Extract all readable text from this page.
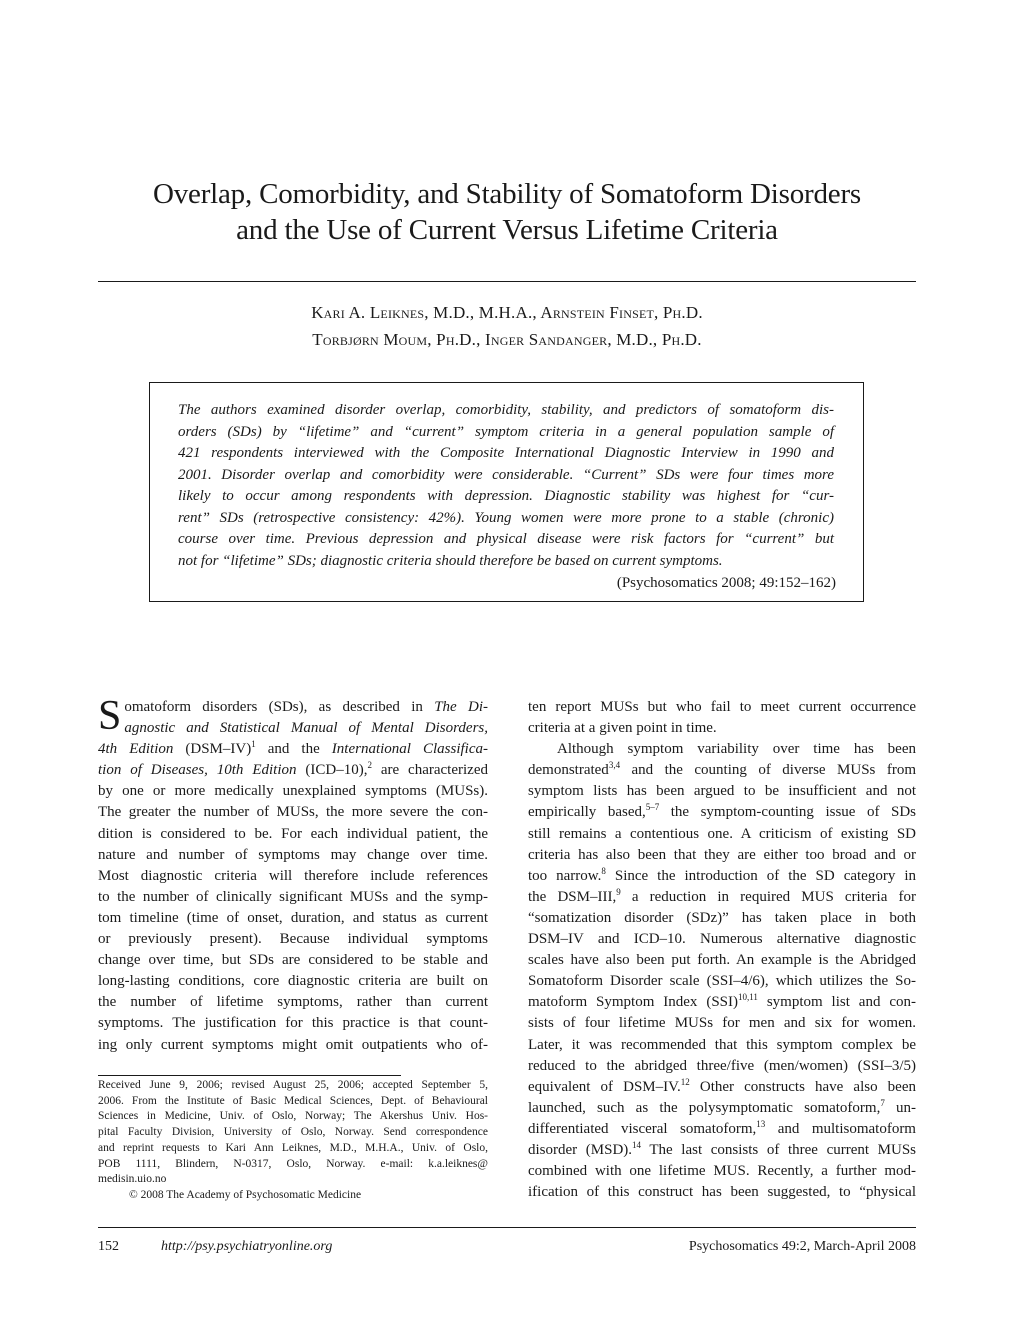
Overlap, Comorbidity, and Stability of Somatoform Disorders
and the Use of Current Versus Lifetime Criteria
Kari A. Leiknes, M.D., M.H.A., Arnstein Finset, Ph.D.
Torbjørn Moum, Ph.D., Inger Sandanger, M.D., Ph.D.
The authors examined disorder overlap, comorbidity, stability, and predictors of somatoform dis-
orders (SDs) by “lifetime” and “current” symptom criteria in a general population sample of
421 respondents interviewed with the Composite International Diagnostic Interview in 1990 and
2001. Disorder overlap and comorbidity were considerable. “Current” SDs were four times more
likely to occur among respondents with depression. Diagnostic stability was highest for “cur-
rent” SDs (retrospective consistency: 42%). Young women were more prone to a stable (chronic)
course over time. Previous depression and physical disease were risk factors for “current” but
not for “lifetime” SDs; diagnostic criteria should therefore be based on current symptoms.
(Psychosomatics 2008; 49:152–162)
S omatoform disorders (SDs), as described in The Di-
agnostic and Statistical Manual of Mental Disorders,
4th Edition $(DSM-IV)^1$ and the International Classifica-
tion of Diseases, 10th Edition (ICD–10),$^2$ are characterized
by one or more medically unexplained symptoms (MUSs).
The greater the number of MUSs, the more severe the con-
dition is considered to be. For each individual patient, the
nature and number of symptoms may change over time.
Most diagnostic criteria will therefore include references
to the number of clinically significant MUSs and the symp-
tom timeline (time of onset, duration, and status as current
or previously present). Because individual symptoms
change over time, but SDs are considered to be stable and
long-lasting conditions, core diagnostic criteria are built on
the number of lifetime symptoms, rather than current
symptoms. The justification for this practice is that count-
ing only current symptoms might omit outpatients who of-
Received June 9, 2006; revised August 25, 2006; accepted September 5,
2006. From the Institute of Basic Medical Sciences, Dept. of Behavioural
Sciences in Medicine, Univ. of Oslo, Norway; The Akershus Univ. Hos-
pital Faculty Division, University of Oslo, Norway. Send correspondence
and reprint requests to Kari Ann Leiknes, M.D., M.H.A., Univ. of Oslo,
POB 1111, Blindern, N-0317, Oslo, Norway. e-mail: k.a.leiknes@
medisin.uio.no
© 2008 The Academy of Psychosomatic Medicine
ten report MUSs but who fail to meet current occurrence
criteria at a given point in time.
Although symptom variability over time has been
demonstrated$^{3,4}$ and the counting of diverse MUSs from
symptom lists has been argued to be insufficient and not
empirically based,$^{5-7}$ the symptom-counting issue of SDs
still remains a contentious one. A criticism of existing SD
criteria has also been that they are either too broad and or
too narrow.$^8$ Since the introduction of the SD category in
the DSM–III,$^9$ a reduction in required MUS criteria for
“somatization disorder (SDz)” has taken place in both
DSM–IV and ICD–10. Numerous alternative diagnostic
scales have also been put forth. An example is the Abridged
Somatoform Disorder scale (SSI–4/6), which utilizes the So-
matoform Symptom Index (SSI)$^{10,11}$ symptom list and con-
sists of four lifetime MUSs for men and six for women.
Later, it was recommended that this symptom complex be
reduced to the abridged three/five (men/women) (SSI–3/5)
equivalent of DSM–IV.$^{12}$ Other constructs have also been
launched, such as the polysymptomatic somatoform,$^7$ un-
differentiated visceral somatoform,$^{13}$ and multisomatoform
disorder (MSD).$^{14}$ The last consists of three current MUSs
combined with one lifetime MUS. Recently, a further mod-
ification of this construct has been suggested, to “physical
152	http://psy.psychiatryonline.org	Psychosomatics 49:2, March-April 2008
